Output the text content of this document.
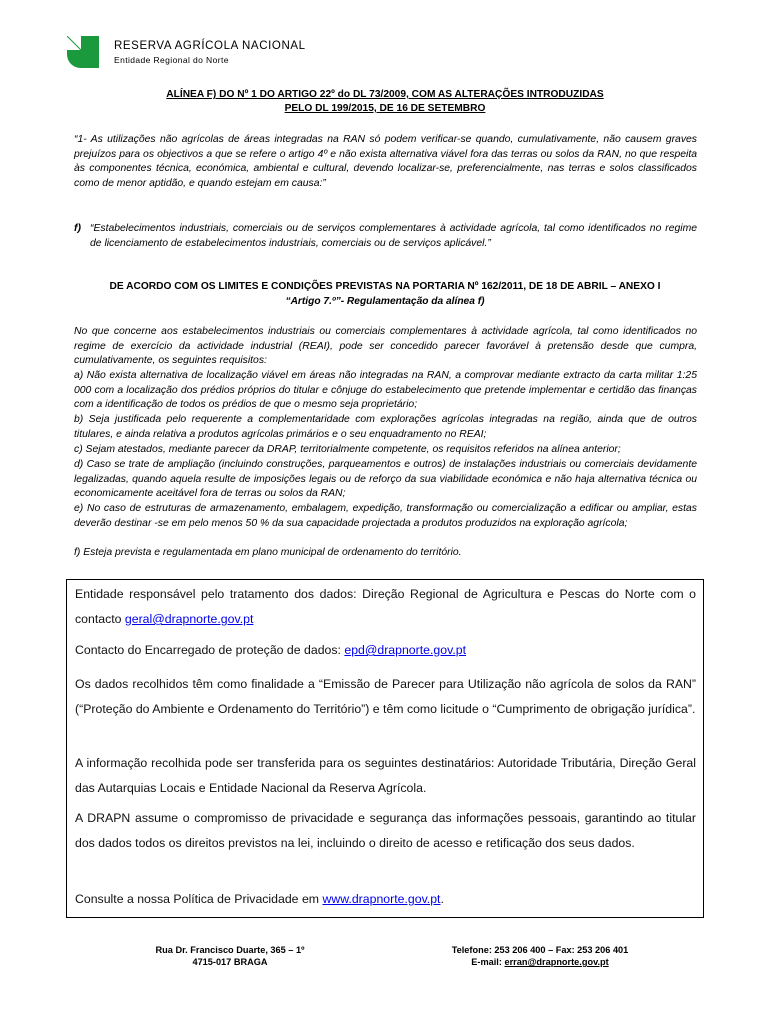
RESERVA AGRÍCOLA NACIONAL
Entidade Regional do Norte
ALÍNEA F) DO Nº 1 DO ARTIGO 22º do DL 73/2009, COM AS ALTERAÇÕES INTRODUZIDAS
PELO DL 199/2015, DE 16 DE SETEMBRO

“1- As utilizações não agrícolas de áreas integradas na RAN só podem verificar-se quando, cumulativamente, não causem graves prejuízos para os objectivos a que se refere o artigo 4º e não exista alternativa viável fora das terras ou solos da RAN, no que respeita às componentes técnica, económica, ambiental e cultural, devendo localizar-se, preferencialmente, nas terras e solos classificados como de menor aptidão, e quando estejam em causa:”

f) “Estabelecimentos industriais, comerciais ou de serviços complementares à actividade agrícola, tal como identificados no regime de licenciamento de estabelecimentos industriais, comerciais ou de serviços aplicável.”
DE ACORDO COM OS LIMITES E CONDIÇÕES PREVISTAS NA PORTARIA Nº 162/2011, DE 18 DE ABRIL – ANEXO I
“Artigo 7.º”- Regulamentação da alínea f)

No que concerne aos estabelecimentos industriais ou comerciais complementares à actividade agrícola, tal como identificados no regime de exercício da actividade industrial (REAI), pode ser concedido parecer favorável à pretensão desde que cumpra, cumulativamente, os seguintes requisitos:

a) Não exista alternativa de localização viável em áreas não integradas na RAN, a comprovar mediante extracto da carta militar 1:25 000 com a localização dos prédios próprios do titular e cônjuge do estabelecimento que pretende implementar e certidão das finanças com a identificação de todos os prédios de que o mesmo seja proprietário;

b) Seja justificada pelo requerente a complementaridade com explorações agrícolas integradas na região, ainda que de outros titulares, e ainda relativa a produtos agrícolas primários e o seu enquadramento no REAI;

c) Sejam atestados, mediante parecer da DRAP, territorialmente competente, os requisitos referidos na alínea anterior;

d) Caso se trate de ampliação (incluindo construções, parqueamentos e outros) de instalações industriais ou comerciais devidamente legalizadas, quando aquela resulte de imposições legais ou de reforço da sua viabilidade económica e não haja alternativa técnica ou economicamente aceitável fora de terras ou solos da RAN;

e) No caso de estruturas de armazenamento, embalagem, expedição, transformação ou comercialização a edificar ou ampliar, estas deverão destinar -se em pelo menos 50 % da sua capacidade projectada a produtos produzidos na exploração agrícola;

f) Esteja prevista e regulamentada em plano municipal de ordenamento do território.

Entidade responsável pelo tratamento dos dados: Direção Regional de Agricultura e Pescas do Norte com o contacto geral@drapnorte.gov.pt

Contacto do Encarregado de proteção de dados: epd@drapnorte.gov.pt

Os dados recolhidos têm como finalidade a “Emissão de Parecer para Utilização não agrícola de solos da RAN” (“Proteção do Ambiente e Ordenamento do Território”) e têm como licitude o “Cumprimento de obrigação jurídica”.

A informação recolhida pode ser transferida para os seguintes destinatários: Autoridade Tributária, Direção Geral das Autarquias Locais e Entidade Nacional da Reserva Agrícola.

A DRAPN assume o compromisso de privacidade e segurança das informações pessoais, garantindo ao titular dos dados todos os direitos previstos na lei, incluindo o direito de acesso e retificação dos seus dados.

Consulte a nossa Política de Privacidade em www.drapnorte.gov.pt.

Rua Dr. Francisco Duarte, 365 – 1º
4715-017 BRAGA
Telefone: 253 206 400 – Fax: 253 206 401
E-mail: erran@drapnorte.gov.pt
